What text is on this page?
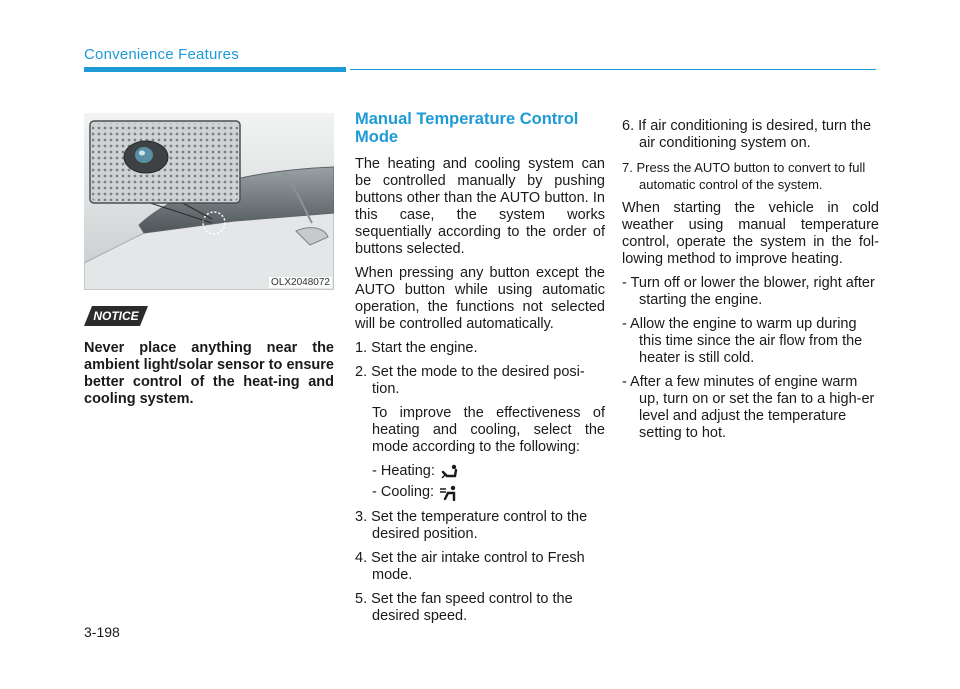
Convenience Features
OLX2048072
NOTICE

Never place anything near the ambient light/solar sensor to ensure better control of the heat-ing and cooling system.

Manual Temperature Control Mode

The heating and cooling system can be controlled manually by pushing buttons other than the AUTO button. In this case, the system works sequentially according to the order of buttons selected.

When pressing any button except the AUTO button while using automatic operation, the functions not selected will be controlled automatically.

1. Start the engine.

2. Set the mode to the desired posi-tion.

To improve the effectiveness of heating and cooling, select the mode according to the following:

- Heating:
- Cooling:

3. Set the temperature control to the desired position.

4. Set the air intake control to Fresh mode.

5. Set the fan speed control to the desired speed.

6. If air conditioning is desired, turn the air conditioning system on.

7. Press the AUTO button to convert to full automatic control of the system.

When starting the vehicle in cold weather using manual temperature control, operate the system in the fol-lowing method to improve heating.

- Turn off or lower the blower, right after starting the engine.

- Allow the engine to warm up during this time since the air flow from the heater is still cold.

- After a few minutes of engine warm up, turn on or set the fan to a high-er level and adjust the temperature setting to hot.

3-198
